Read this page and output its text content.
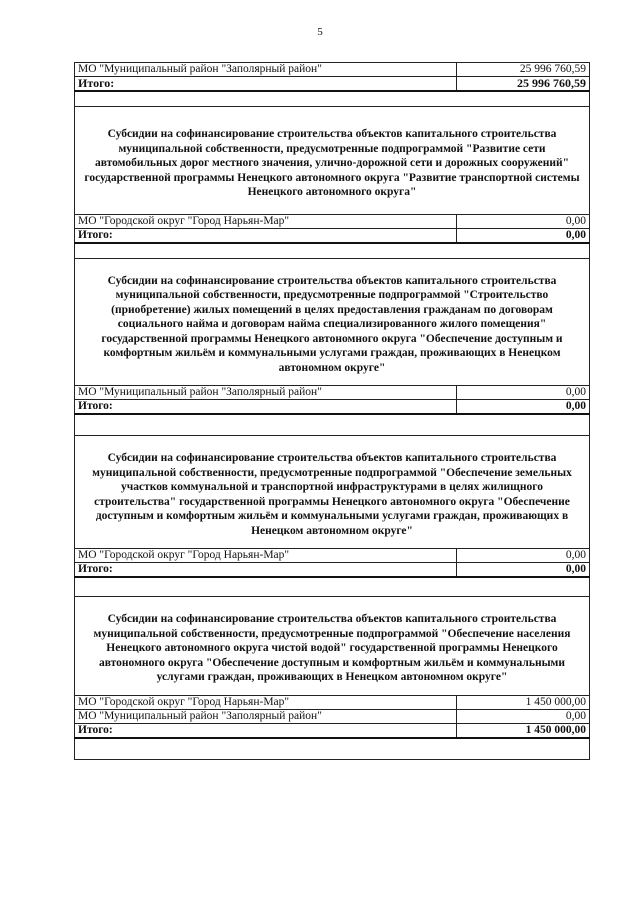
5
МО "Муниципальный район "Заполярный район"	25 996 760,59
Итого:	25 996 760,59

Субсидии на софинансирование строительства объектов капитального строительства муниципальной собственности, предусмотренные подпрограммой "Развитие сети автомобильных дорог местного значения, улично-дорожной сети и дорожных сооружений" государственной программы Ненецкого автономного округа "Развитие транспортной системы Ненецкого автономного округа"	
МО "Городской округ "Город Нарьян-Мар"	0,00
Итого:	0,00

Субсидии на софинансирование строительства объектов капитального строительства муниципальной собственности, предусмотренные подпрограммой "Строительство (приобретение) жилых помещений в целях предоставления гражданам по договорам социального найма и договорам найма специализированного жилого помещения" государственной программы Ненецкого автономного округа "Обеспечение доступным и комфортным жильём и коммунальными услугами граждан, проживающих в Ненецком автономном округе"	
МО "Муниципальный район "Заполярный район"	0,00
Итого:	0,00

Субсидии на софинансирование строительства объектов капитального строительства муниципальной собственности, предусмотренные подпрограммой "Обеспечение земельных участков коммунальной и транспортной инфраструктурами в целях жилищного строительства" государственной программы Ненецкого автономного округа "Обеспечение доступным и комфортным жильём и коммунальными услугами граждан, проживающих в Ненецком автономном округе"	
МО "Городской округ "Город Нарьян-Мар"	0,00
Итого:	0,00

Субсидии на софинансирование строительства объектов капитального строительства муниципальной собственности, предусмотренные подпрограммой "Обеспечение населения Ненецкого автономного округа чистой водой" государственной программы Ненецкого автономного округа "Обеспечение доступным и комфортным жильём и коммунальными услугами граждан, проживающих в Ненецком автономном округе"	
МО "Городской округ "Город Нарьян-Мар"	1 450 000,00
МО "Муниципальный район "Заполярный район"	0,00
Итого:	1 450 000,00
